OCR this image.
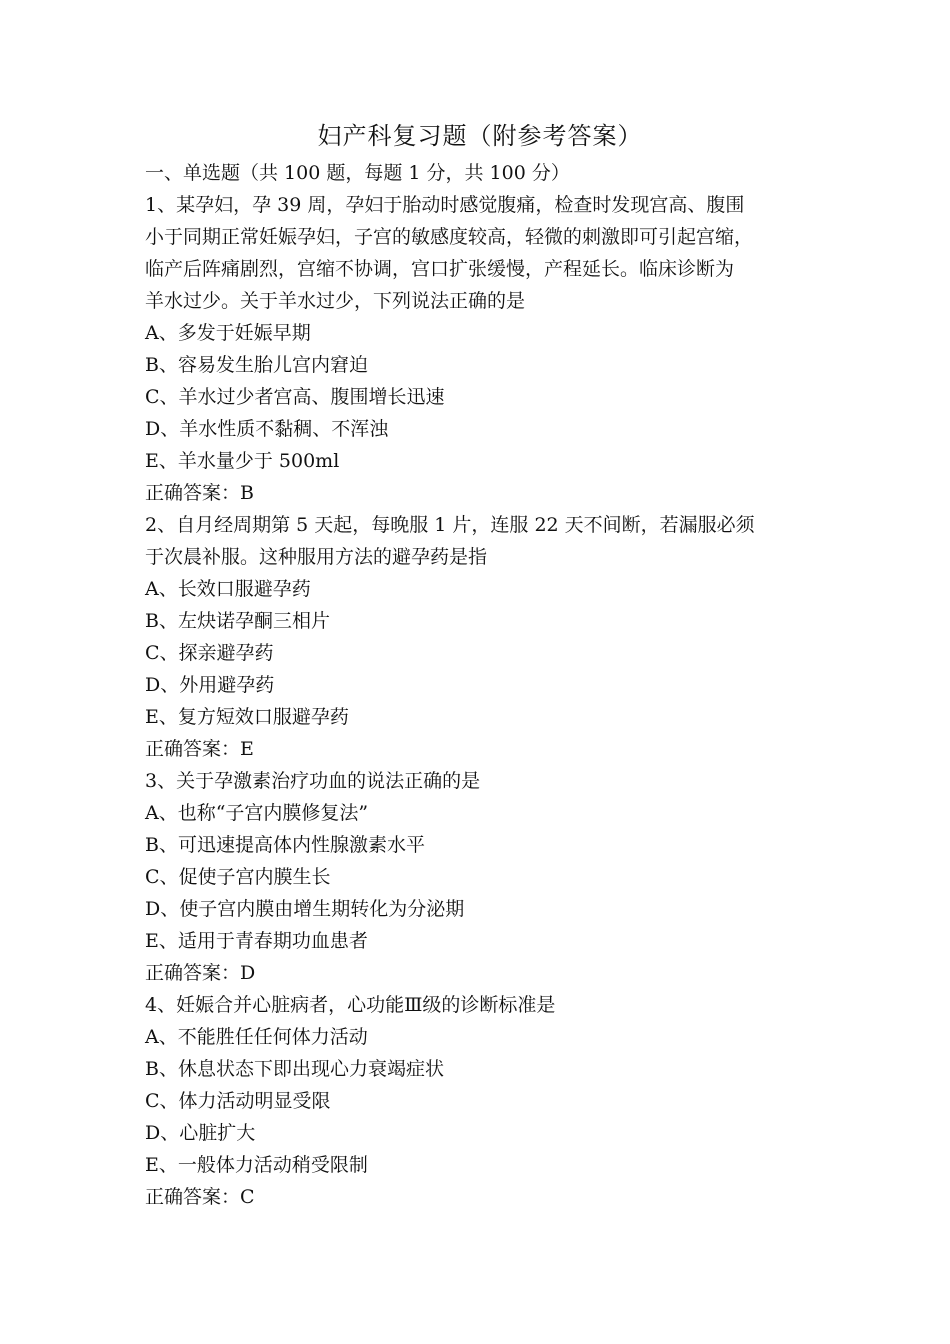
妇产科复习题（附参考答案）

一、单选题（共 100 题，每题 1 分，共 100 分）

1、某孕妇，孕 39 周，孕妇于胎动时感觉腹痛，检查时发现宫高、腹围

小于同期正常妊娠孕妇，子宫的敏感度较高，轻微的刺激即可引起宫缩，

临产后阵痛剧烈，宫缩不协调，宫口扩张缓慢，产程延长。临床诊断为

羊水过少。关于羊水过少，下列说法正确的是

A、多发于妊娠早期

B、容易发生胎儿宫内窘迫

C、羊水过少者宫高、腹围增长迅速

D、羊水性质不黏稠、不浑浊

E、羊水量少于 500ml

正确答案：B

2、自月经周期第 5 天起，每晚服 1 片，连服 22 天不间断，若漏服必须

于次晨补服。这种服用方法的避孕药是指

A、长效口服避孕药

B、左炔诺孕酮三相片

C、探亲避孕药

D、外用避孕药

E、复方短效口服避孕药

正确答案：E

3、关于孕激素治疗功血的说法正确的是

A、也称“子宫内膜修复法”

B、可迅速提高体内性腺激素水平

C、促使子宫内膜生长

D、使子宫内膜由增生期转化为分泌期

E、适用于青春期功血患者

正确答案：D

4、妊娠合并心脏病者，心功能Ⅲ级的诊断标准是

A、不能胜任任何体力活动

B、休息状态下即出现心力衰竭症状

C、体力活动明显受限

D、心脏扩大

E、一般体力活动稍受限制

正确答案：C
